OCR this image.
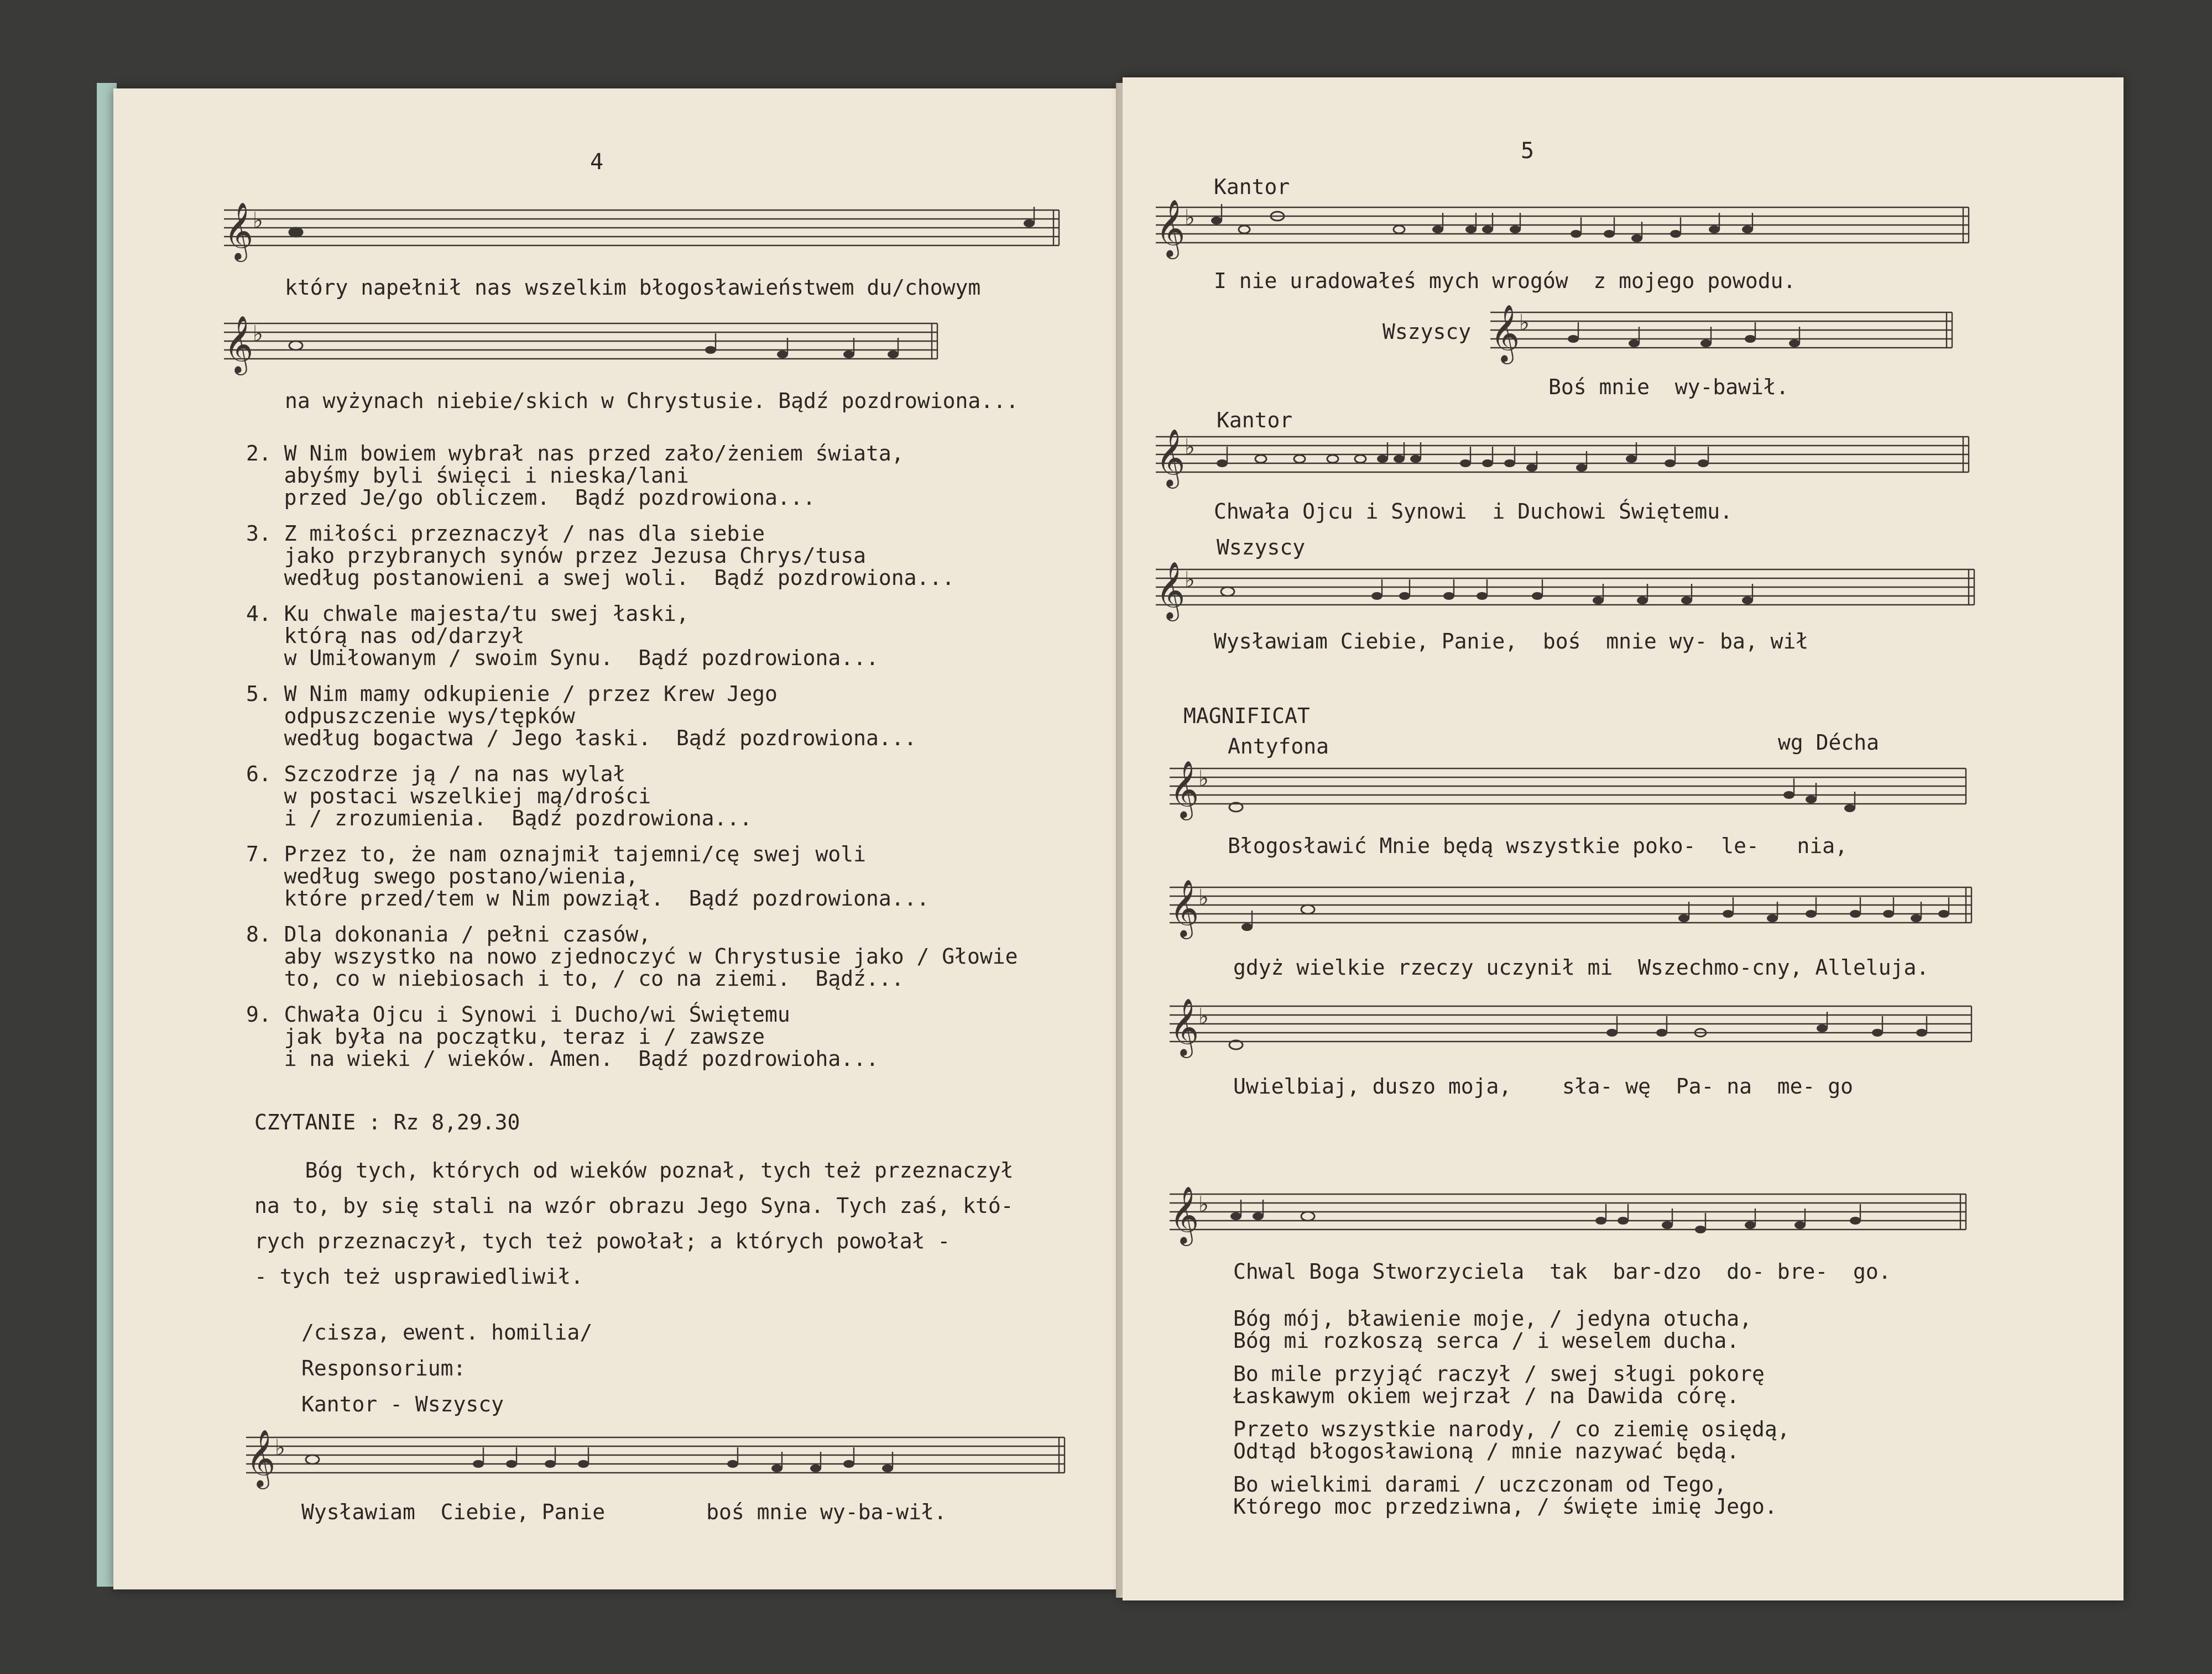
4
𝄞
♭
który napełnił nas wszelkim błogosławieństwem du/chowym
𝄞
♭
na wyżynach niebie/skich w Chrystusie. Bądź pozdrowiona...
2. W Nim bowiem wybrał nas przed zało/żeniem świata,
abyśmy byli święci i nieska/lani
przed Je/go obliczem.  Bądź pozdrowiona...
3. Z miłości przeznaczył / nas dla siebie
jako przybranych synów przez Jezusa Chrys/tusa
według postanowieni a swej woli.  Bądź pozdrowiona...
4. Ku chwale majesta/tu swej łaski,
którą nas od/darzył
w Umiłowanym / swoim Synu.  Bądź pozdrowiona...
5. W Nim mamy odkupienie / przez Krew Jego
odpuszczenie wys/tępków
według bogactwa / Jego łaski.  Bądź pozdrowiona...
6. Szczodrze ją / na nas wylał
w postaci wszelkiej mą/drości
i / zrozumienia.  Bądź pozdrowiona...
7. Przez to, że nam oznajmił tajemni/cę swej woli
według swego postano/wienia,
które przed/tem w Nim powziął.  Bądź pozdrowiona...
8. Dla dokonania / pełni czasów,
aby wszystko na nowo zjednoczyć w Chrystusie jako / Głowie
to, co w niebiosach i to, / co na ziemi.  Bądź...
9. Chwała Ojcu i Synowi i Ducho/wi Świętemu
jak była na początku, teraz i / zawsze
i na wieki / wieków. Amen.  Bądź pozdrowioha...
CZYTANIE : Rz 8,29.30
Bóg tych, których od wieków poznał, tych też przeznaczył
na to, by się stali na wzór obrazu Jego Syna. Tych zaś, któ-
rych przeznaczył, tych też powołał; a których powołał -
- tych też usprawiedliwił.
/cisza, ewent. homilia/
Responsorium:
Kantor - Wszyscy
𝄞
♭
Wysławiam  Ciebie, Panie        boś mnie wy-ba-wił.
5
Kantor
𝄞
♭
I nie uradowałeś mych wrogów  z mojego powodu.
Wszyscy 𝄞
♭
Boś mnie  wy-bawił.
Kantor
𝄞
♭
Chwała Ojcu i Synowi  i Duchowi Świętemu.
Wszyscy
𝄞
♭
Wysławiam Ciebie, Panie,  boś  mnie wy- ba, wił
MAGNIFICAT
Antyfona	wg Décha
𝄞
♭
Błogosławić Mnie będą wszystkie poko-  le-   nia,
𝄞
♭
gdyż wielkie rzeczy uczynił mi  Wszechmo-cny, Alleluja.
𝄞
♭
Uwielbiaj, duszo moja,    sła- wę  Pa- na  me- go
𝄞
♭
Chwal Boga Stworzyciela  tak  bar-dzo  do- bre-  go.
Bóg mój, bławienie moje, / jedyna otucha,
Bóg mi rozkoszą serca / i weselem ducha.
Bo mile przyjąć raczył / swej sługi pokorę
Łaskawym okiem wejrzał / na Dawida córę.
Przeto wszystkie narody, / co ziemię osiędą,
Odtąd błogosławioną / mnie nazywać będą.
Bo wielkimi darami / uczczonam od Tego,
Którego moc przedziwna, / święte imię Jego.
